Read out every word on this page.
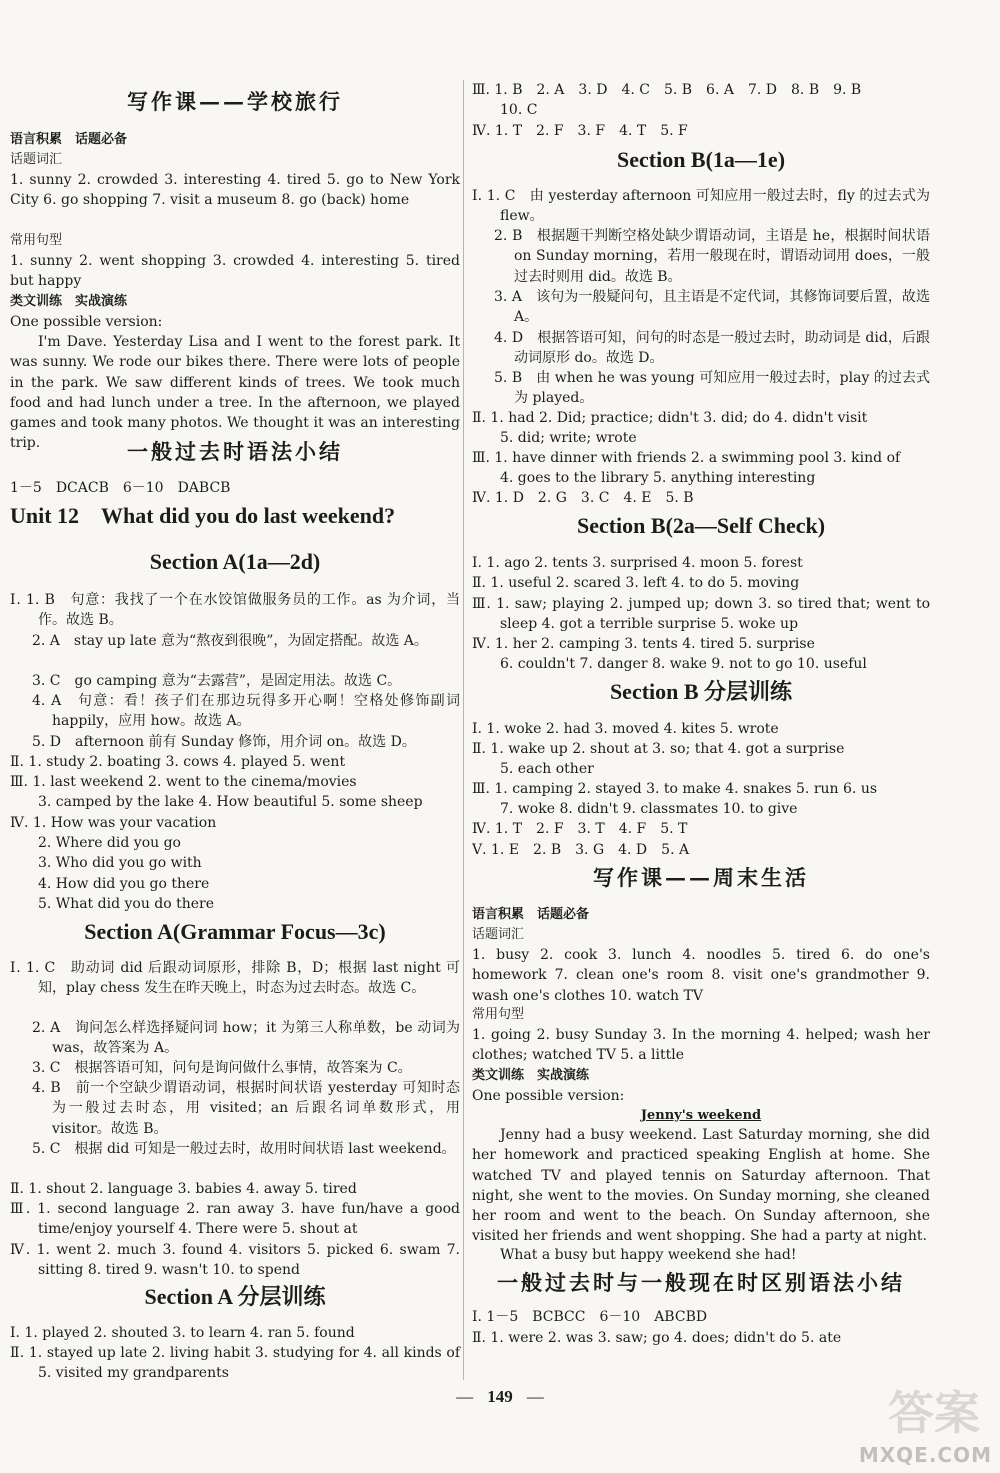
写作课——学校旅行
语言积累　话题必备
话题词汇

1. sunny 2. crowded 3. interesting 4. tired 5. go to New York City 6. go shopping 7. visit a museum 8. go (back) home

常用句型

1. sunny 2. went shopping 3. crowded 4. interesting 5. tired but happy

类文训练　实战演练
One possible version:

I'm Dave. Yesterday Lisa and I went to the forest park. It was sunny. We rode our bikes there. There were lots of people in the park. We saw different kinds of trees. We took much food and had lunch under a tree. In the afternoon, we played games and took many photos. We thought it was an interesting trip.	一般过去时语法小结
1－5　DCACB　6－10　DABCB
Unit 12　What did you do last weekend?
Section A(1a—2d)

Ⅰ. 1. B　句意：我找了一个在水饺馆做服务员的工作。as 为介词，当作。故选 B。

2. A　stay up late 意为“熬夜到很晚”，为固定搭配。故选 A。

3. C　go camping 意为“去露营”，是固定用法。故选 C。

4. A　句意：看！孩子们在那边玩得多开心啊！空格处修饰副词 happily，应用 how。故选 A。

5. D　afternoon 前有 Sunday 修饰，用介词 on。故选 D。

Ⅱ. 1. study 2. boating 3. cows 4. played 5. went

Ⅲ. 1. last weekend 2. went to the cinema/movies

3. camped by the lake 4. How beautiful 5. some sheep

Ⅳ. 1. How was your vacation

2. Where did you go

3. Who did you go with

4. How did you go there

5. What did you do there

Section A(Grammar Focus—3c)

Ⅰ. 1. C　助动词 did 后跟动词原形，排除 B，D；根据 last night 可知，play chess 发生在昨天晚上，时态为过去时态。故选 C。

2. A　询问怎么样选择疑问词 how；it 为第三人称单数，be 动词为 was，故答案为 A。

3. C　根据答语可知，问句是询问做什么事情，故答案为 C。

4. B　前一个空缺少谓语动词，根据时间状语 yesterday 可知时态为一般过去时态，用 visited；an 后跟名词单数形式，用 visitor。故选 B。

5. C　根据 did 可知是一般过去时，故用时间状语 last weekend。

Ⅱ. 1. shout 2. language 3. babies 4. away 5. tired

Ⅲ. 1. second language 2. ran away 3. have fun/have a good time/enjoy yourself 4. There were 5. shout at

Ⅳ. 1. went 2. much 3. found 4. visitors 5. picked 6. swam 7. sitting 8. tired 9. wasn't 10. to spend

Section A 分层训练

Ⅰ. 1. played 2. shouted 3. to learn 4. ran 5. found

Ⅱ. 1. stayed up late 2. living habit 3. studying for 4. all kinds of 5. visited my grandparents

Ⅲ. 1. B　2. A　3. D　4. C　5. B　6. A　7. D　8. B　9. B

10. C

Ⅳ. 1. T　2. F　3. F　4. T　5. F

Section B(1a—1e)

Ⅰ. 1. C　由 yesterday afternoon 可知应用一般过去时，fly 的过去式为 flew。

2. B　根据题干判断空格处缺少谓语动词，主语是 he，根据时间状语 on Sunday morning，若用一般现在时，谓语动词用 does，一般过去时则用 did。故选 B。

3. A　该句为一般疑问句，且主语是不定代词，其修饰词要后置，故选 A。

4. D　根据答语可知，问句的时态是一般过去时，助动词是 did，后跟动词原形 do。故选 D。

5. B　由 when he was young 可知应用一般过去时，play 的过去式为 played。

Ⅱ. 1. had 2. Did; practice; didn't 3. did; do 4. didn't visit

5. did; write; wrote

Ⅲ. 1. have dinner with friends 2. a swimming pool 3. kind of

4. goes to the library 5. anything interesting

Ⅳ. 1. D　2. G　3. C　4. E　5. B

Section B(2a—Self Check)

Ⅰ. 1. ago 2. tents 3. surprised 4. moon 5. forest

Ⅱ. 1. useful 2. scared 3. left 4. to do 5. moving

Ⅲ. 1. saw; playing 2. jumped up; down 3. so tired that; went to sleep 4. got a terrible surprise 5. woke up

Ⅳ. 1. her 2. camping 3. tents 4. tired 5. surprise

6. couldn't 7. danger 8. wake 9. not to go 10. useful

Section B 分层训练

Ⅰ. 1. woke 2. had 3. moved 4. kites 5. wrote

Ⅱ. 1. wake up 2. shout at 3. so; that 4. got a surprise

5. each other

Ⅲ. 1. camping 2. stayed 3. to make 4. snakes 5. run 6. us

7. woke 8. didn't 9. classmates 10. to give

Ⅳ. 1. T　2. F　3. T　4. F　5. T

Ⅴ. 1. E　2. B　3. G　4. D　5. A

写作课——周末生活
语言积累　话题必备
话题词汇

1. busy 2. cook 3. lunch 4. noodles 5. tired 6. do one's homework 7. clean one's room 8. visit one's grandmother 9. wash one's clothes 10. watch TV

常用句型

1. going 2. busy Sunday 3. In the morning 4. helped; wash her clothes; watched TV 5. a little

类文训练　实战演练
One possible version:
Jenny's weekend

Jenny had a busy weekend. Last Saturday morning, she did her homework and practiced speaking English at home. She watched TV and played tennis on Saturday afternoon. That night, she went to the movies. On Sunday morning, she cleaned her room and went to the beach. On Sunday afternoon, she visited her friends and went shopping. She had a party at night.

What a busy but happy weekend she had!

一般过去时与一般现在时区别语法小结

Ⅰ. 1－5　BCBCC　6－10　ABCBD

Ⅱ. 1. were 2. was 3. saw; go 4. does; didn't do 5. ate

— 149 —	答案
MXQE.COM
